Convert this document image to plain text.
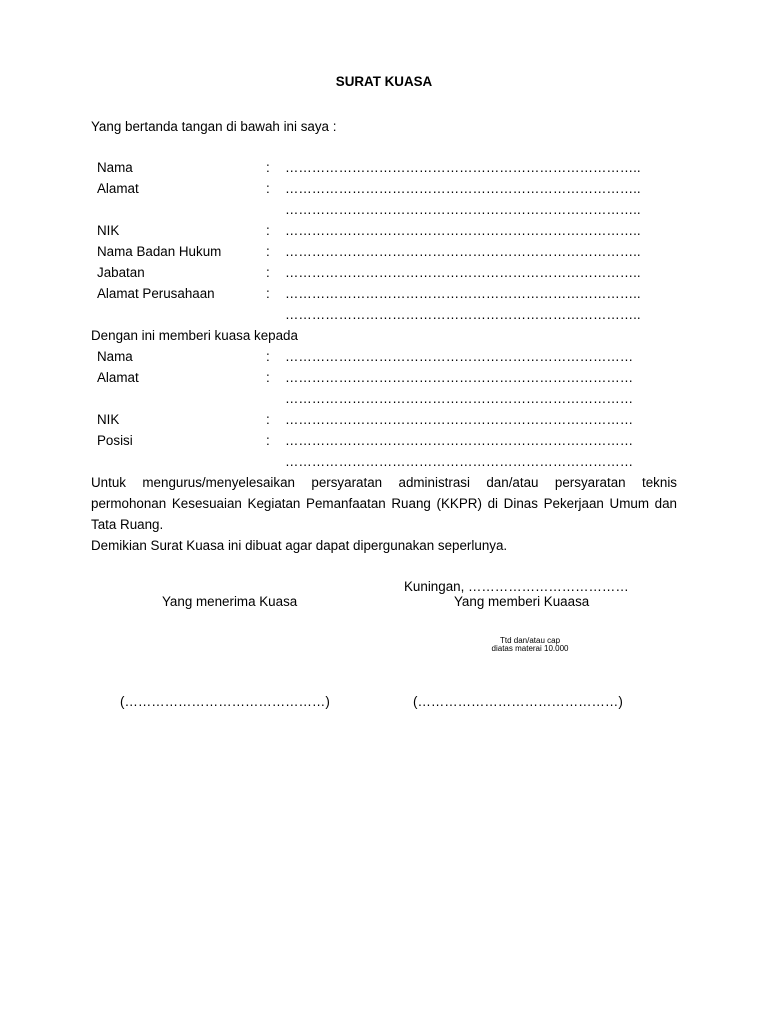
SURAT KUASA
Yang bertanda tangan di bawah ini saya :
Nama	: ……………………………………………………………………..
Alamat	: ……………………………………………………………………..
……………………………………………………………………..
NIK	: ……………………………………………………………………..
Nama Badan Hukum	: ……………………………………………………………………..
Jabatan	: ……………………………………………………………………..
Alamat Perusahaan	: ……………………………………………………………………..
……………………………………………………………………..
Dengan ini memberi kuasa kepada
Nama	: ……………………………………………………………………
Alamat	: ……………………………………………………………………
……………………………………………………………………
NIK	: ……………………………………………………………………
Posisi	: ……………………………………………………………………
……………………………………………………………………
Untuk mengurus/menyelesaikan persyaratan administrasi dan/atau persyaratan teknis permohonan Kesesuaian Kegiatan Pemanfaatan Ruang (KKPR) di Dinas Pekerjaan Umum dan Tata Ruang.
Demikian Surat Kuasa ini dibuat agar dapat dipergunakan seperlunya.
Kuningan, ………………………………
Yang menerima Kuasa	Yang memberi Kuaasa
Ttd dan/atau cap
diatas materai 10.000
(………………………………………)	(………………………………………)
